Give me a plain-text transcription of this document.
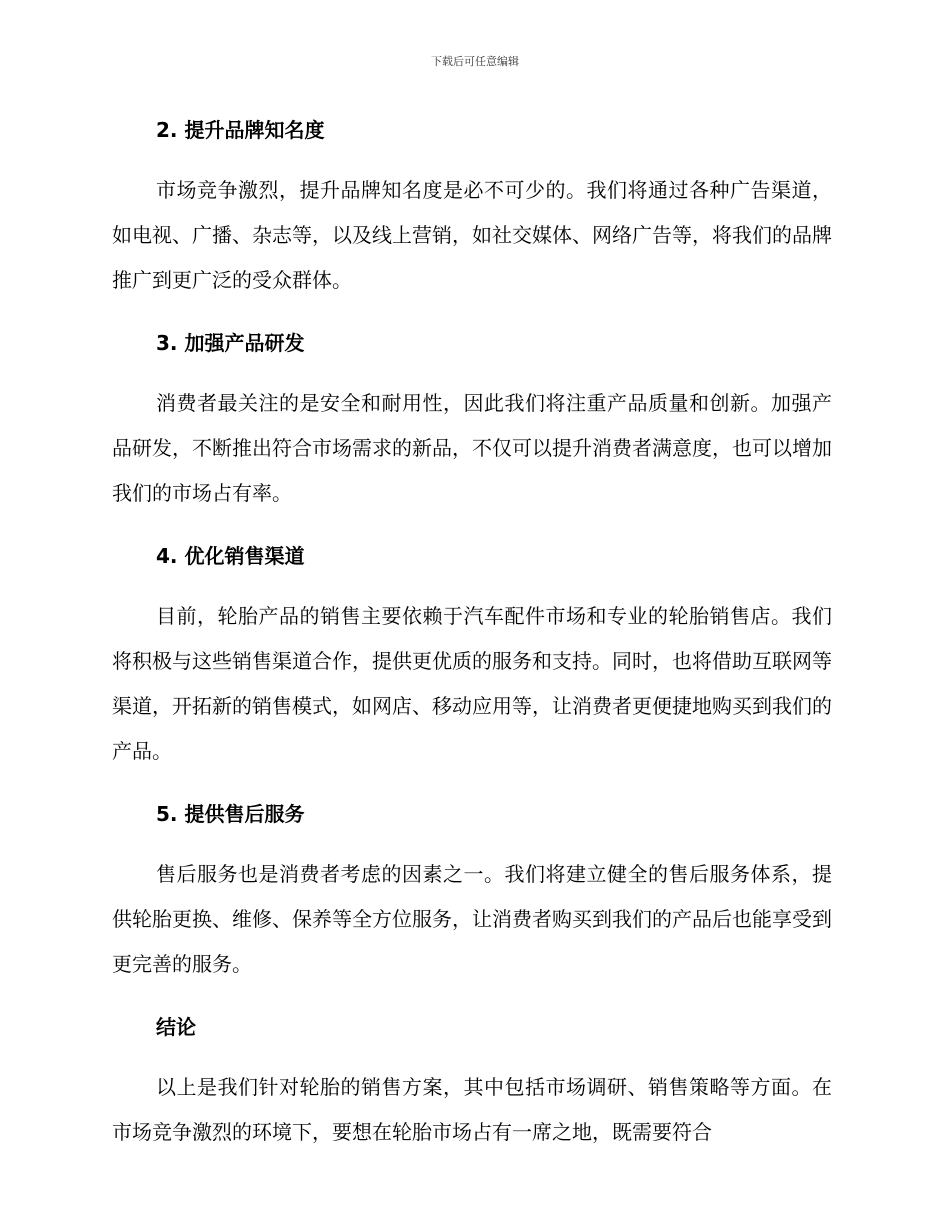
下载后可任意编辑
2. 提升品牌知名度

市场竞争激烈，提升品牌知名度是必不可少的。我们将通过各种广告渠道，如电视、广播、杂志等，以及线上营销，如社交媒体、网络广告等，将我们的品牌推广到更广泛的受众群体。

3. 加强产品研发

消费者最关注的是安全和耐用性，因此我们将注重产品质量和创新。加强产品研发，不断推出符合市场需求的新品，不仅可以提升消费者满意度，也可以增加我们的市场占有率。

4. 优化销售渠道

目前，轮胎产品的销售主要依赖于汽车配件市场和专业的轮胎销售店。我们将积极与这些销售渠道合作，提供更优质的服务和支持。同时，也将借助互联网等渠道，开拓新的销售模式，如网店、移动应用等，让消费者更便捷地购买到我们的产品。

5. 提供售后服务

售后服务也是消费者考虑的因素之一。我们将建立健全的售后服务体系，提供轮胎更换、维修、保养等全方位服务，让消费者购买到我们的产品后也能享受到更完善的服务。

结论

以上是我们针对轮胎的销售方案，其中包括市场调研、销售策略等方面。在市场竞争激烈的环境下，要想在轮胎市场占有一席之地，既需要符合
